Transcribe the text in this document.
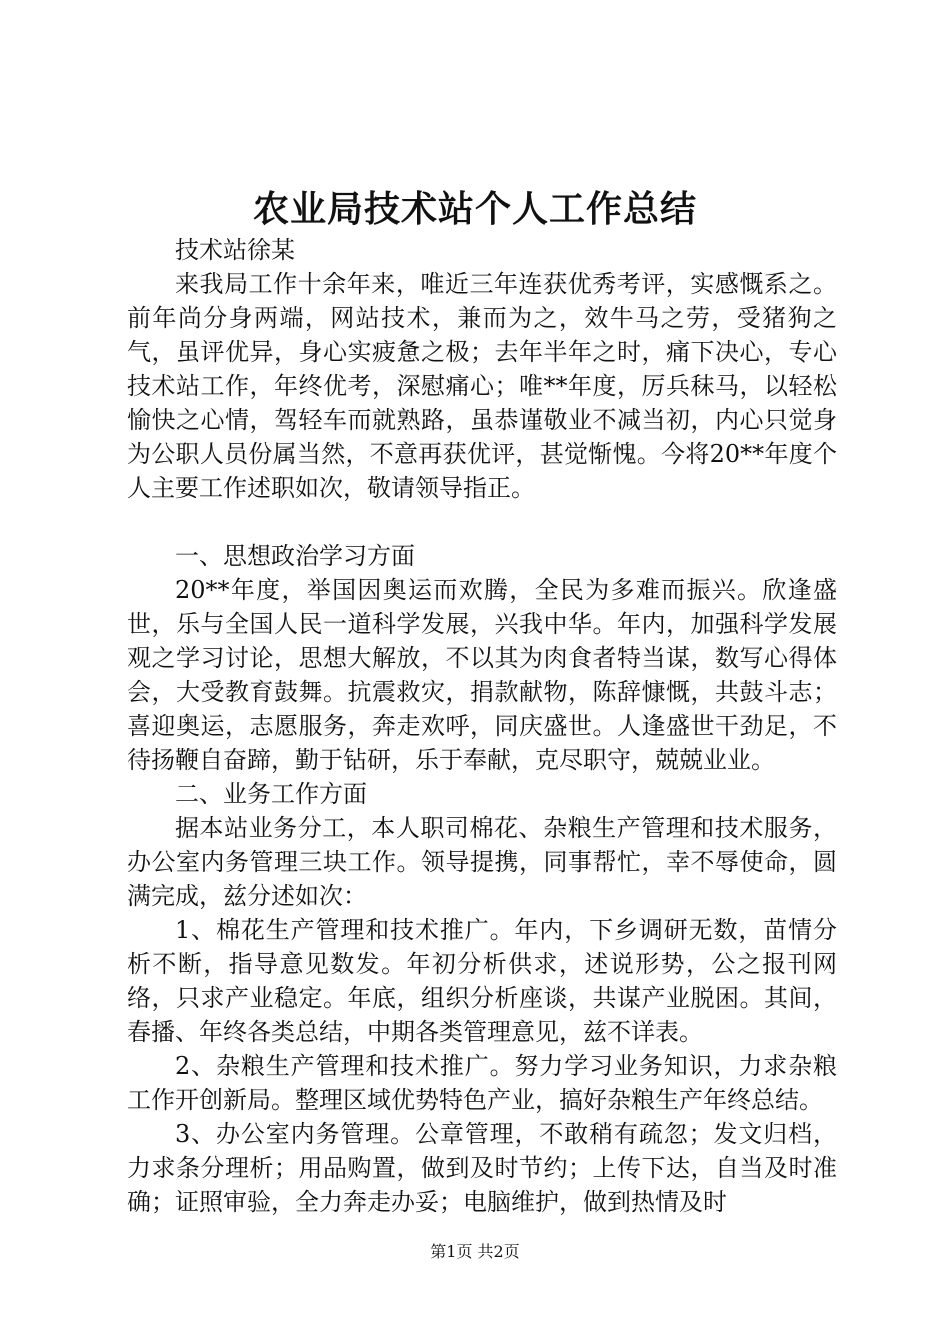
农业局技术站个人工作总结

技术站徐某

来我局工作十余年来，唯近三年连获优秀考评，实感慨系之。前年尚分身两端，网站技术，兼而为之，效牛马之劳，受猪狗之气，虽评优异，身心实疲惫之极；去年半年之时，痛下决心，专心技术站工作，年终优考，深慰痛心；唯**年度，厉兵秣马，以轻松愉快之心情，驾轻车而就熟路，虽恭谨敬业不减当初，内心只觉身为公职人员份属当然，不意再获优评，甚觉惭愧。今将20**年度个人主要工作述职如次，敬请领导指正。

一、思想政治学习方面

20**年度，举国因奥运而欢腾，全民为多难而振兴。欣逢盛世，乐与全国人民一道科学发展，兴我中华。年内，加强科学发展观之学习讨论，思想大解放，不以其为肉食者特当谋，数写心得体会，大受教育鼓舞。抗震救灾，捐款献物，陈辞慷慨，共鼓斗志；喜迎奥运，志愿服务，奔走欢呼，同庆盛世。人逢盛世干劲足，不待扬鞭自奋蹄，勤于钻研，乐于奉献，克尽职守，兢兢业业。

二、业务工作方面

据本站业务分工，本人职司棉花、杂粮生产管理和技术服务，办公室内务管理三块工作。领导提携，同事帮忙，幸不辱使命，圆满完成，兹分述如次：

1、棉花生产管理和技术推广。年内，下乡调研无数，苗情分析不断，指导意见数发。年初分析供求，述说形势，公之报刊网络，只求产业稳定。年底，组织分析座谈，共谋产业脱困。其间，春播、年终各类总结，中期各类管理意见，兹不详表。

2、杂粮生产管理和技术推广。努力学习业务知识，力求杂粮工作开创新局。整理区域优势特色产业，搞好杂粮生产年终总结。

3、办公室内务管理。公章管理，不敢稍有疏忽；发文归档，力求条分理析；用品购置，做到及时节约；上传下达，自当及时准确；证照审验，全力奔走办妥；电脑维护，做到热情及时

第1页 共2页
